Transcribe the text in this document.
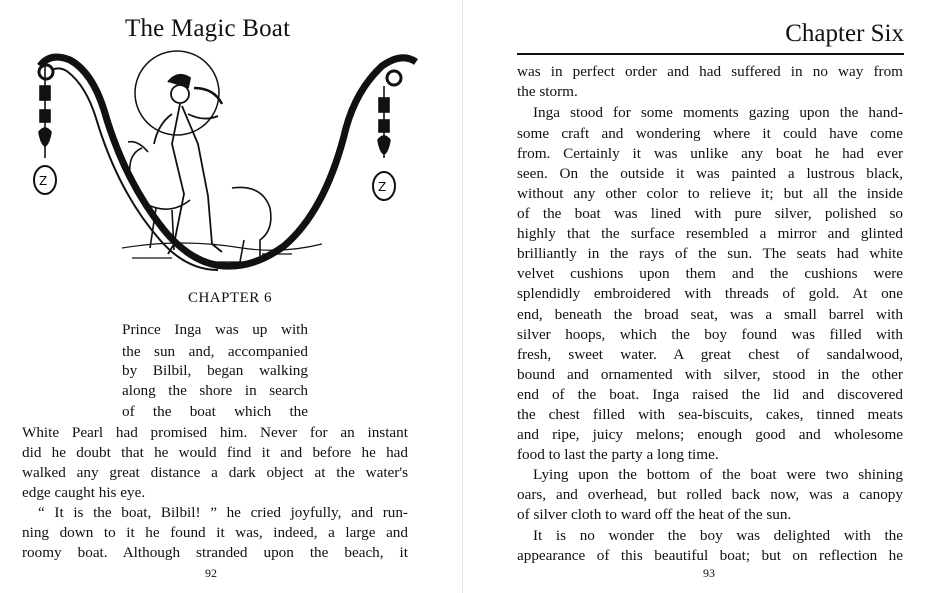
The Magic Boat
Z	Z
CHAPTER 6
Prince Inga was up with
the sun and, accompanied
by Bilbil, began walking
along the shore in search
of the boat which the
White Pearl had promised him. Never for an instant
did he doubt that he would find it and before he had
walked any great distance a dark object at the water's
edge caught his eye.
“ It is the boat, Bilbil! ” he cried joyfully, and run-
ning down to it he found it was, indeed, a large and
roomy boat. Although stranded upon the beach, it
92
Chapter Six
was in perfect order and had suffered in no way from
the storm.
Inga stood for some moments gazing upon the hand-
some craft and wondering where it could have come
from. Certainly it was unlike any boat he had ever
seen. On the outside it was painted a lustrous black,
without any other color to relieve it; but all the inside
of the boat was lined with pure silver, polished so
highly that the surface resembled a mirror and glinted
brilliantly in the rays of the sun. The seats had white
velvet cushions upon them and the cushions were
splendidly embroidered with threads of gold. At one
end, beneath the broad seat, was a small barrel with
silver hoops, which the boy found was filled with
fresh, sweet water. A great chest of sandalwood,
bound and ornamented with silver, stood in the other
end of the boat. Inga raised the lid and discovered
the chest filled with sea-biscuits, cakes, tinned meats
and ripe, juicy melons; enough good and wholesome
food to last the party a long time.
Lying upon the bottom of the boat were two shining
oars, and overhead, but rolled back now, was a canopy
of silver cloth to ward off the heat of the sun.
It is no wonder the boy was delighted with the
appearance of this beautiful boat; but on reflection he
93
